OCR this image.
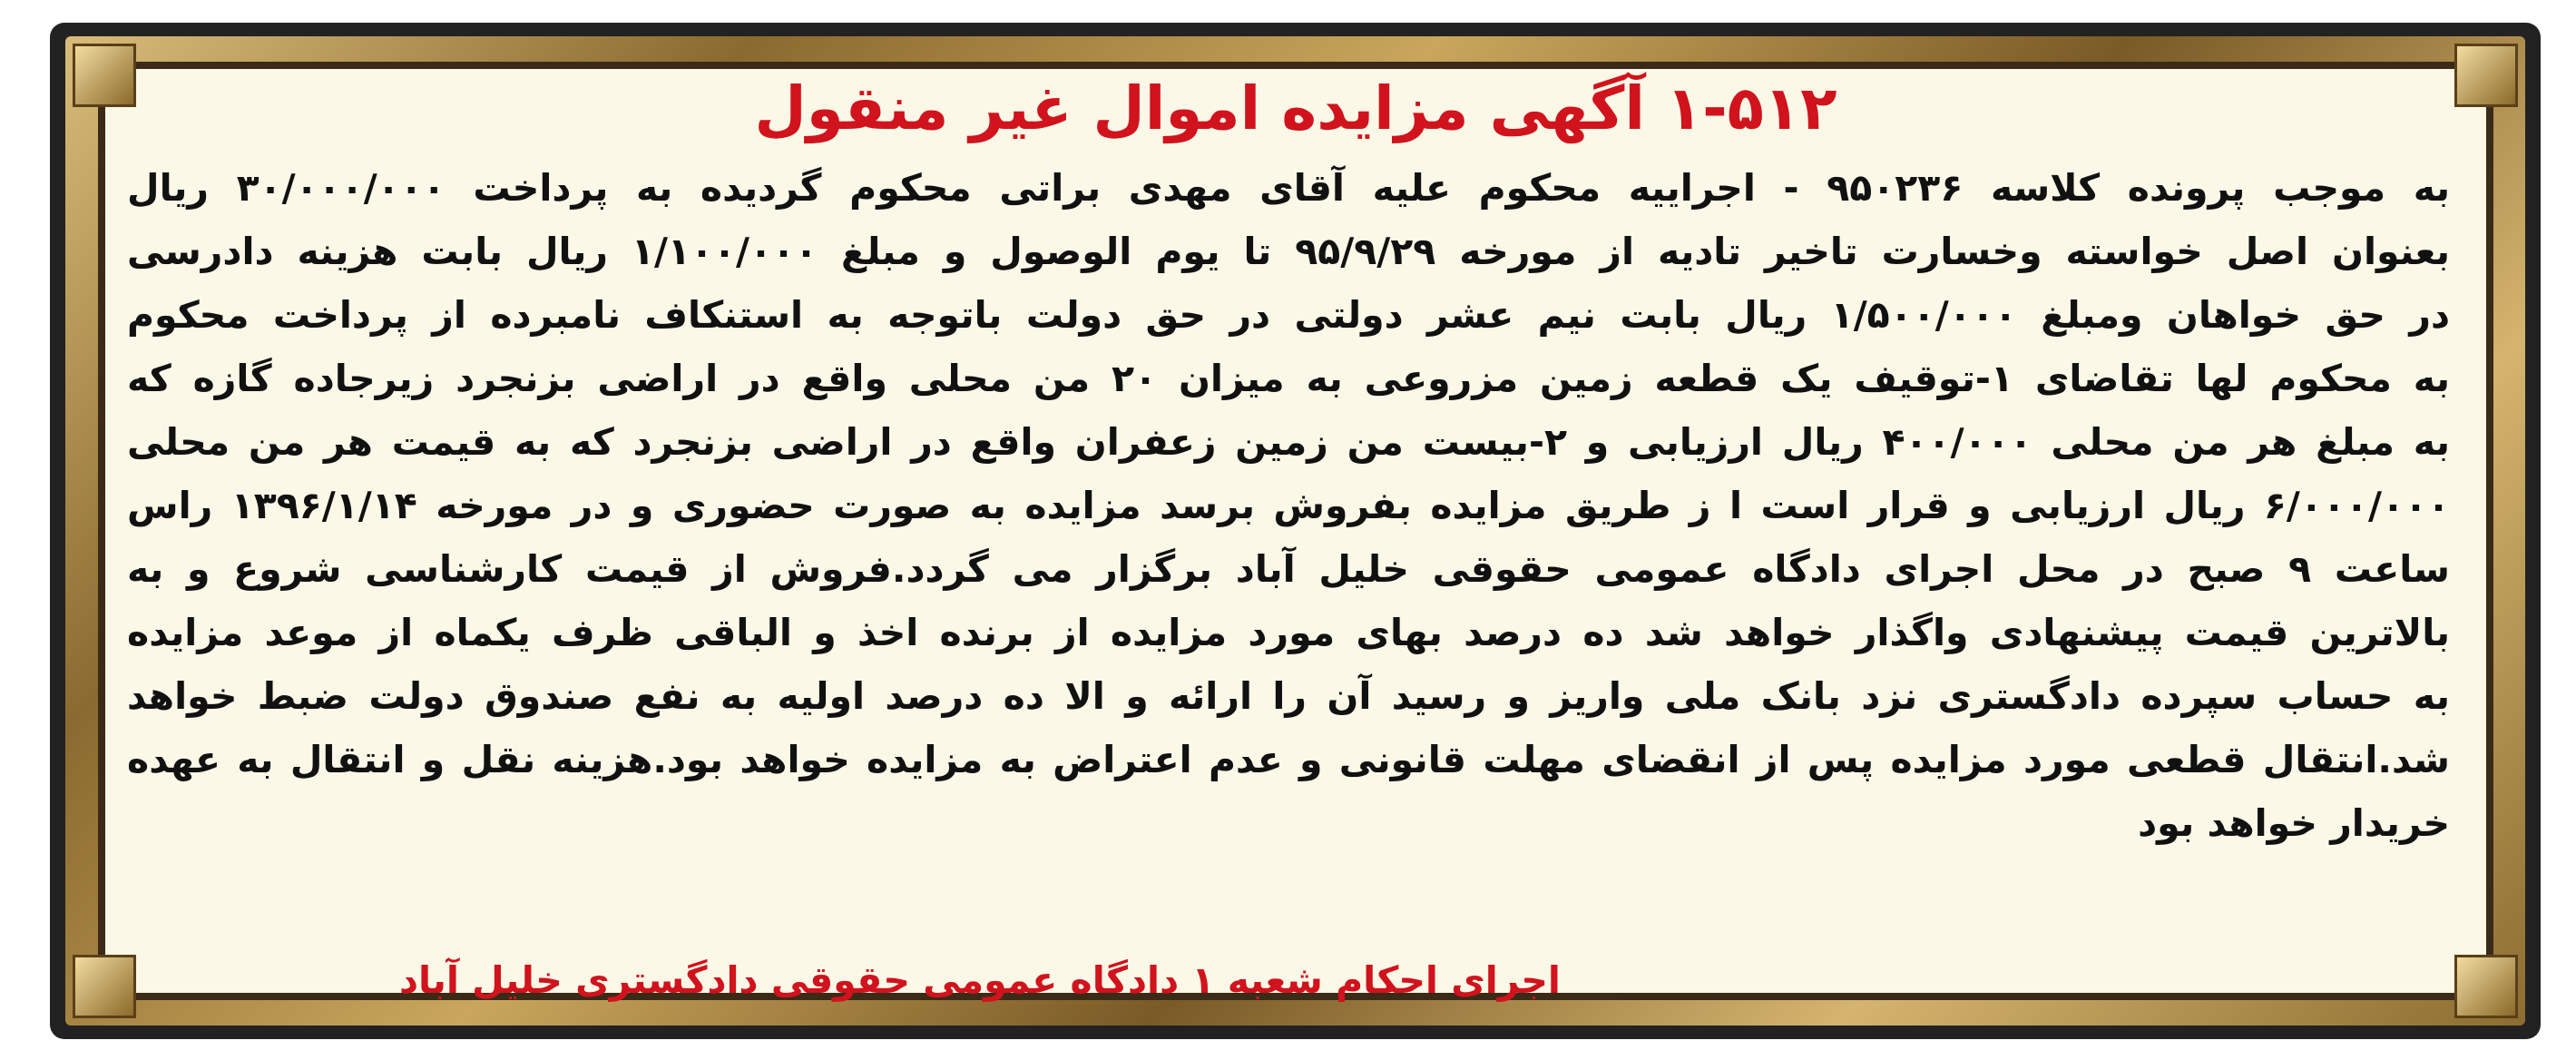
۱-۵۱۲ آگهی مزایده اموال غیر منقول
به موجب پرونده کلاسه ۹۵۰۲۳۶ - اجراییه محکوم علیه آقای مهدی براتی محکوم گردیده به پرداخت ۳۰/۰۰۰/۰۰۰ ریال
بعنوان اصل خواسته وخسارت تاخیر تادیه از مورخه ۹۵/۹/۲۹ تا یوم الوصول و مبلغ ۱/۱۰۰/۰۰۰ ریال بابت هزینه دادرسی
در حق خواهان ومبلغ ۱/۵۰۰/۰۰۰ ریال بابت نیم عشر دولتی در حق دولت باتوجه به استنکاف نامبرده از پرداخت محکوم
به محکوم لها تقاضای ۱-توقیف یک قطعه زمین مزروعی به میزان ۲۰ من محلی واقع در اراضی بزنجرد زیرجاده گازه که
به مبلغ هر من محلی ۴۰۰/۰۰۰ ریال ارزیابی و ۲-بیست من زمین زعفران واقع در اراضی بزنجرد که به قیمت هر من محلی
۶/۰۰۰/۰۰۰ ریال ارزیابی و قرار است ا ز طریق مزایده بفروش برسد مزایده به صورت حضوری و در مورخه ۱۳۹۶/۱/۱۴ راس
ساعت ۹ صبح در محل اجرای دادگاه عمومی حقوقی خلیل آباد برگزار می گردد.فروش از قیمت کارشناسی شروع و به
بالاترین قیمت پیشنهادی واگذار خواهد شد ده درصد بهای مورد مزایده از برنده اخذ و الباقی ظرف یکماه از موعد مزایده
به حساب سپرده دادگستری نزد بانک ملی واریز و رسید آن را ارائه و الا ده درصد اولیه به نفع صندوق دولت ضبط خواهد
شد.انتقال قطعی مورد مزایده پس از انقضای مهلت قانونی و عدم اعتراض به مزایده خواهد بود.هزینه نقل و انتقال به عهده
خریدار خواهد بود
اجرای احکام شعبه ۱ دادگاه عمومی حقوقی دادگستری خلیل آباد
